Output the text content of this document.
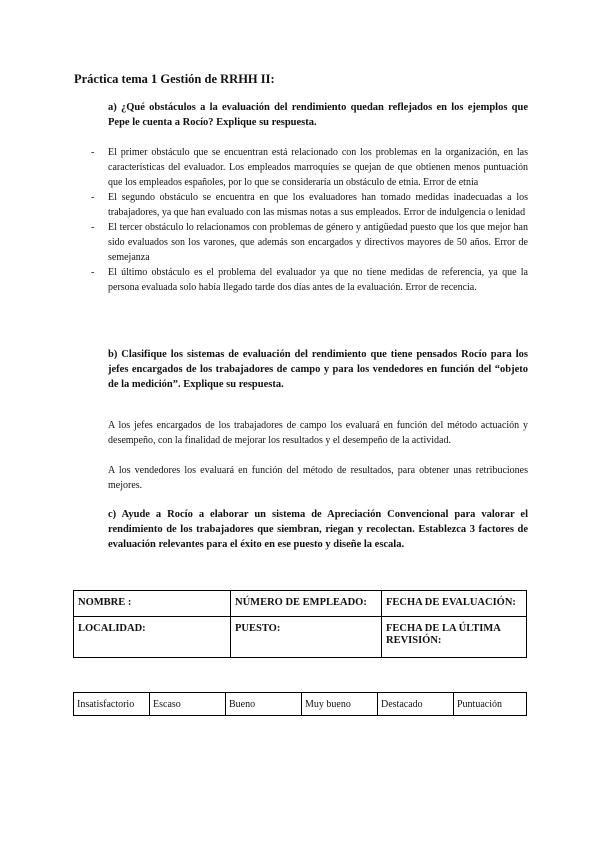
Práctica tema 1 Gestión de RRHH II:
a) ¿Qué obstáculos a la evaluación del rendimiento quedan reflejados en los ejemplos que Pepe le cuenta a Rocío? Explique su respuesta.
- El primer obstáculo que se encuentran está relacionado con los problemas en la organización, en las características del evaluador. Los empleados marroquíes se quejan de que obtienen menos puntuación que los empleados españoles, por lo que se consideraría un obstáculo de etnia. Error de etnia
- El segundo obstáculo se encuentra en que los evaluadores han tomado medidas inadecuadas a los trabajadores, ya que han evaluado con las mismas notas a sus empleados. Error de indulgencia o lenidad
- El tercer obstáculo lo relacionamos con problemas de género y antigüedad puesto que los que mejor han sido evaluados son los varones, que además son encargados y directivos mayores de 50 años. Error de semejanza
- El último obstáculo es el problema del evaluador ya que no tiene medidas de referencia, ya que la persona evaluada solo había llegado tarde dos días antes de la evaluación. Error de recencia.
b) Clasifique los sistemas de evaluación del rendimiento que tiene pensados Rocío para los jefes encargados de los trabajadores de campo y para los vendedores en función del “objeto de la medición”. Explique su respuesta.
A los jefes encargados de los trabajadores de campo los evaluará en función del método actuación y desempeño, con la finalidad de mejorar los resultados y el desempeño de la actividad.
A los vendedores los evaluará en función del método de resultados, para obtener unas retribuciones mejores.
c) Ayude a Rocío a elaborar un sistema de Apreciación Convencional para valorar el rendimiento de los trabajadores que siembran, riegan y recolectan. Establezca 3 factores de evaluación relevantes para el éxito en ese puesto y diseñe la escala.
NOMBRE :	NÚMERO DE EMPLEADO:	FECHA DE EVALUACIÓN:
LOCALIDAD:	PUESTO:	FECHA DE LA ÚLTIMA REVISIÓN:
Insatisfactorio	Escaso	Bueno	Muy bueno	Destacado	Puntuación
